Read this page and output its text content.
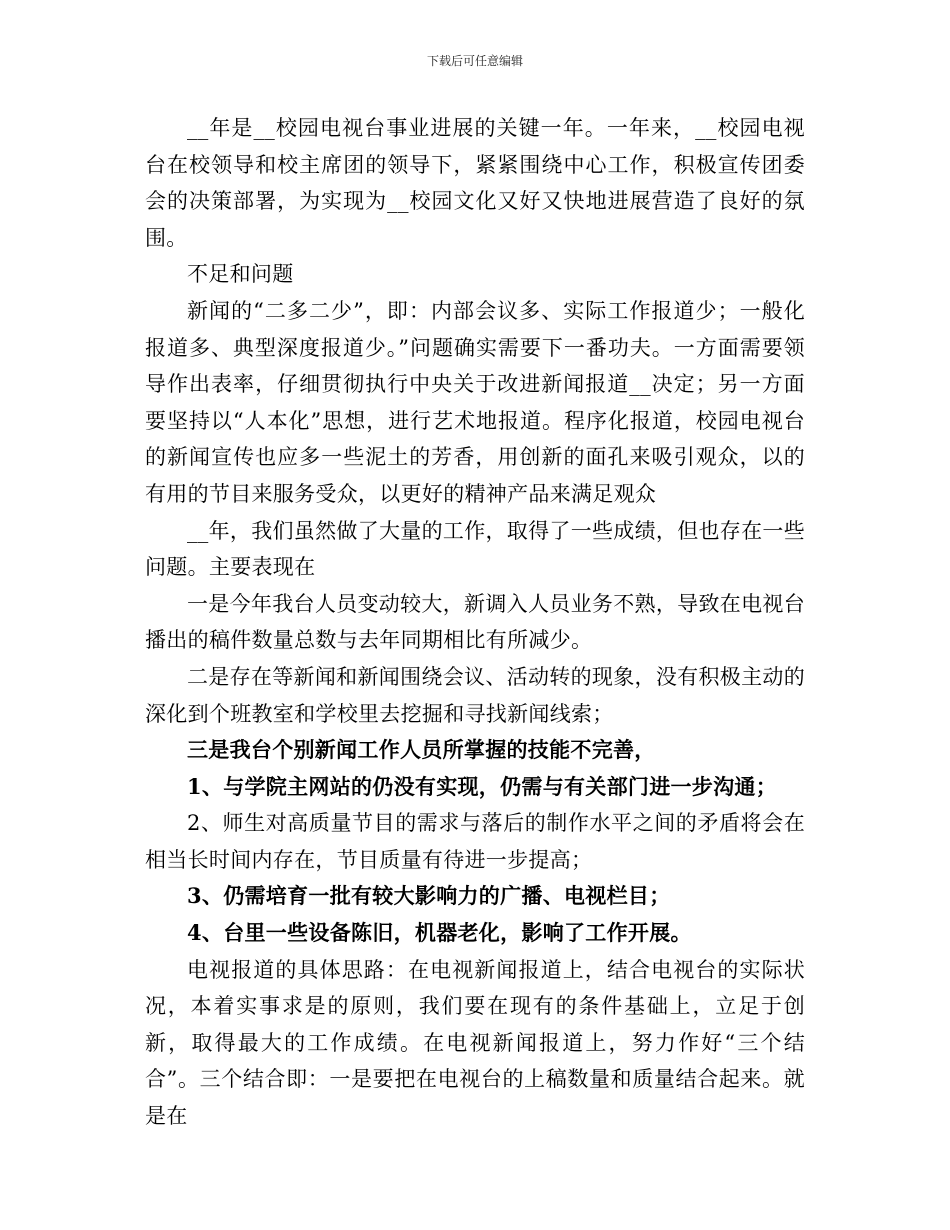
下载后可任意编辑

__年是__校园电视台事业进展的关键一年。一年来，__校园电视台在校领导和校主席团的领导下，紧紧围绕中心工作，积极宣传团委会的决策部署，为实现为__校园文化又好又快地进展营造了良好的氛围。

不足和问题

新闻的“二多二少”，即：内部会议多、实际工作报道少；一般化报道多、典型深度报道少。”问题确实需要下一番功夫。一方面需要领导作出表率，仔细贯彻执行中央关于改进新闻报道__决定；另一方面要坚持以“人本化”思想，进行艺术地报道。程序化报道，校园电视台的新闻宣传也应多一些泥土的芳香，用创新的面孔来吸引观众，以的有用的节目来服务受众，以更好的精神产品来满足观众

__年，我们虽然做了大量的工作，取得了一些成绩，但也存在一些问题。主要表现在

一是今年我台人员变动较大，新调入人员业务不熟，导致在电视台播出的稿件数量总数与去年同期相比有所减少。

二是存在等新闻和新闻围绕会议、活动转的现象，没有积极主动的深化到个班教室和学校里去挖掘和寻找新闻线索；

三是我台个别新闻工作人员所掌握的技能不完善，

1、与学院主网站的仍没有实现，仍需与有关部门进一步沟通；

2、师生对高质量节目的需求与落后的制作水平之间的矛盾将会在相当长时间内存在，节目质量有待进一步提高；

3、仍需培育一批有较大影响力的广播、电视栏目；

4、台里一些设备陈旧，机器老化，影响了工作开展。

电视报道的具体思路：在电视新闻报道上，结合电视台的实际状况，本着实事求是的原则，我们要在现有的条件基础上，立足于创新，取得最大的工作成绩。在电视新闻报道上，努力作好“三个结合”。三个结合即：一是要把在电视台的上稿数量和质量结合起来。就是在
